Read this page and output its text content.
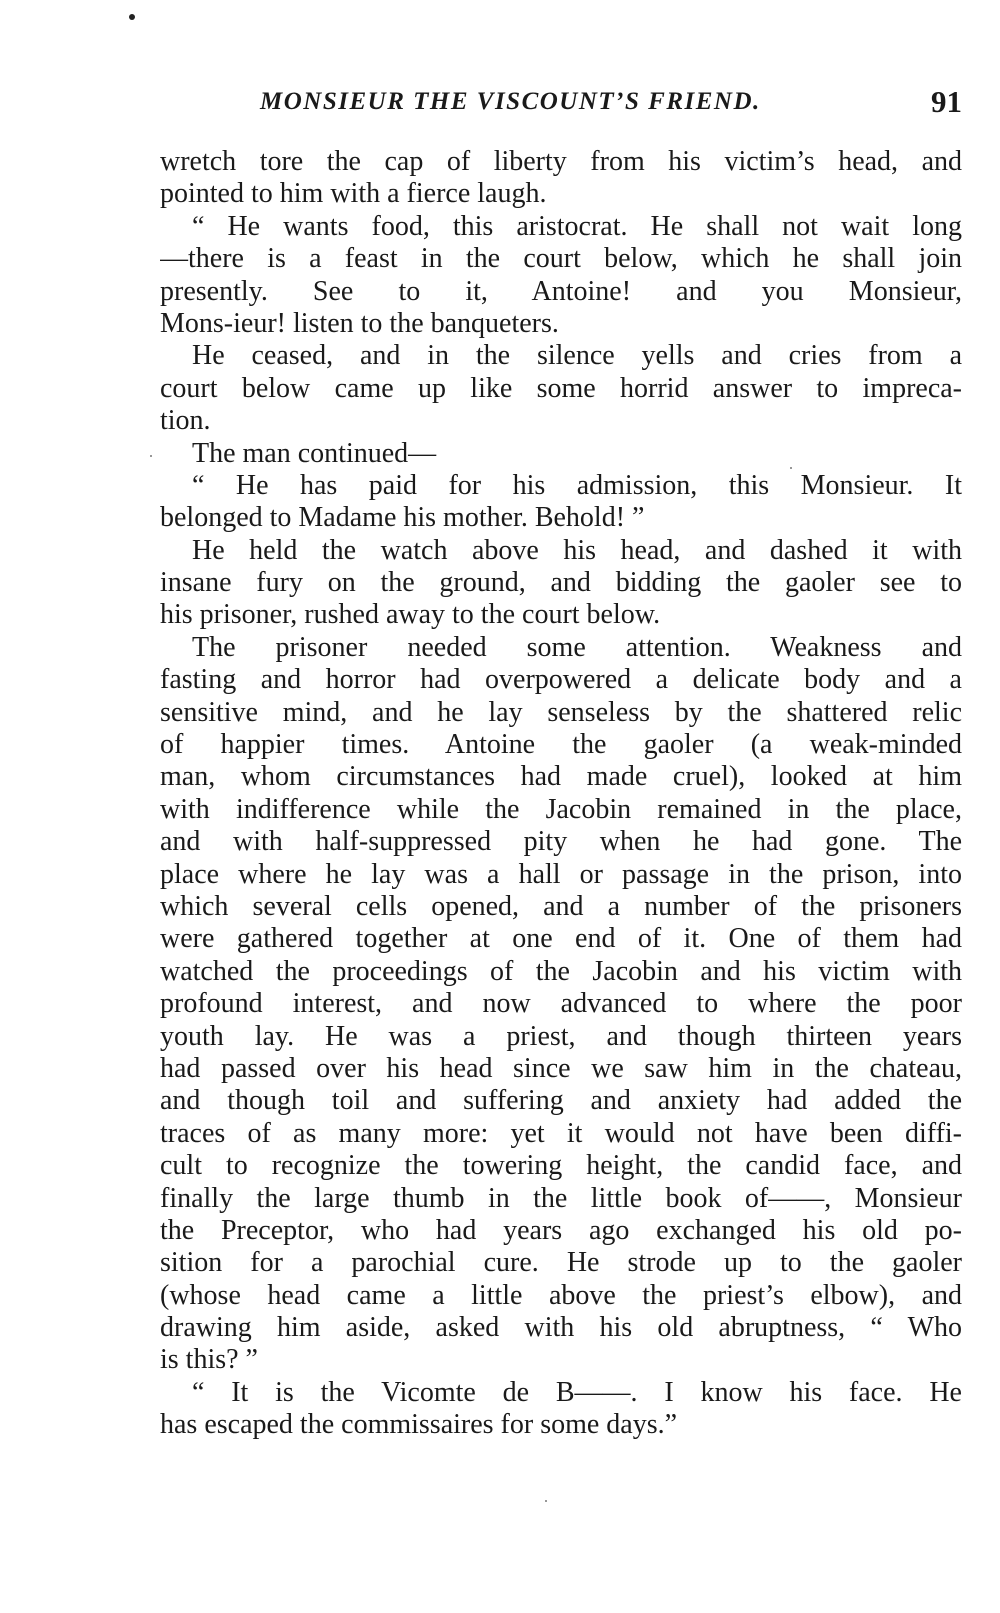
MONSIEUR THE VISCOUNT’S FRIEND.	91
wretch tore the cap of liberty from his victim’s head, and
pointed to him with a fierce laugh.
“ He wants food, this aristocrat. He shall not wait long
—there is a feast in the court below, which he shall join
presently. See to it, Antoine! and you Monsieur,
Mons-ieur! listen to the banqueters.
He ceased, and in the silence yells and cries from a
court below came up like some horrid answer to impreca-
tion.
The man continued—
“ He has paid for his admission, this Monsieur. It
belonged to Madame his mother. Behold! ”
He held the watch above his head, and dashed it with
insane fury on the ground, and bidding the gaoler see to
his prisoner, rushed away to the court below.
The prisoner needed some attention. Weakness and
fasting and horror had overpowered a delicate body and a
sensitive mind, and he lay senseless by the shattered relic
of happier times. Antoine the gaoler (a weak-minded
man, whom circumstances had made cruel), looked at him
with indifference while the Jacobin remained in the place,
and with half-suppressed pity when he had gone. The
place where he lay was a hall or passage in the prison, into
which several cells opened, and a number of the prisoners
were gathered together at one end of it. One of them had
watched the proceedings of the Jacobin and his victim with
profound interest, and now advanced to where the poor
youth lay. He was a priest, and though thirteen years
had passed over his head since we saw him in the chateau,
and though toil and suffering and anxiety had added the
traces of as many more: yet it would not have been diffi-
cult to recognize the towering height, the candid face, and
finally the large thumb in the little book of——, Monsieur
the Preceptor, who had years ago exchanged his old po-
sition for a parochial cure. He strode up to the gaoler
(whose head came a little above the priest’s elbow), and
drawing him aside, asked with his old abruptness, “ Who
is this? ”
“ It is the Vicomte de B——. I know his face. He
has escaped the commissaires for some days.”
